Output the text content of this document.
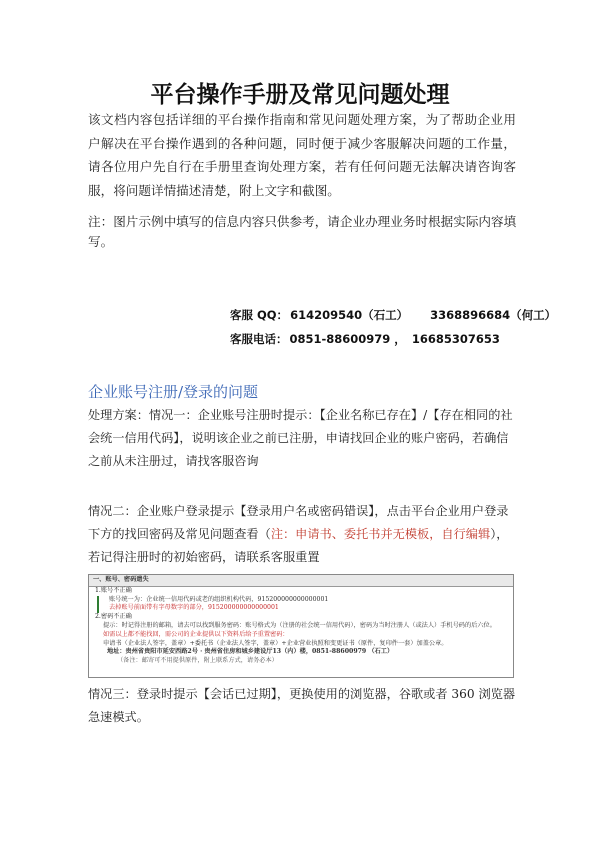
平台操作手册及常见问题处理
该文档内容包括详细的平台操作指南和常见问题处理方案，为了帮助企业用户解决在平台操作遇到的各种问题，同时便于减少客服解决问题的工作量，请各位用户先自行在手册里查询处理方案，若有任何问题无法解决请咨询客服，将问题详情描述清楚，附上文字和截图。
注：图片示例中填写的信息内容只供参考，请企业办理业务时根据实际内容填写。
客服 QQ： 614209540（石工） 3368896684（何工）
客服电话： 0851-88600979 ， 16685307653
企业账号注册/登录的问题
处理方案：情况一：企业账号注册时提示：【企业名称已存在】/【存在相同的社会统一信用代码】，说明该企业之前已注册，申请找回企业的账户密码，若确信之前从未注册过，请找客服咨询
情况二：企业账户登录提示【登录用户名或密码错误】，点击平台企业用户登录下方的找回密码及常见问题查看（注：申请书、委托书并无模板，自行编辑），若记得注册时的初始密码，请联系客服重置
一、账号、密码遗失
1.账号不正确
账号统一为：企业统一信用代码或老的组织机构代码，915200000000000001
去掉账号前面带有字母数字的部分，915200000000000001
2.密码不正确
提示：时记得注册的邮箱，请去可以找到服务密码：账号格式为（注册的社会统一信用代码），密码为当时注册人（或法人）手机号码的后六位。
如需以上都不能找回，需公司的企业提供以下资料后给予重置密码：
申请书（企业法人签字，盖章）+委托书（企业法人签字，盖章）+企业营业执照和变更证书（原件，复印件一套）加盖公章。
地址：贵州省贵阳市延安西路2号 · 贵州省住房和城乡建设厅13（内）楼，0851-88600979 （石工）
（备注：邮寄可不用提供原件，附上联系方式，请务必本）
情况三：登录时提示【会话已过期】，更换使用的浏览器，谷歌或者 360 浏览器急速模式。
